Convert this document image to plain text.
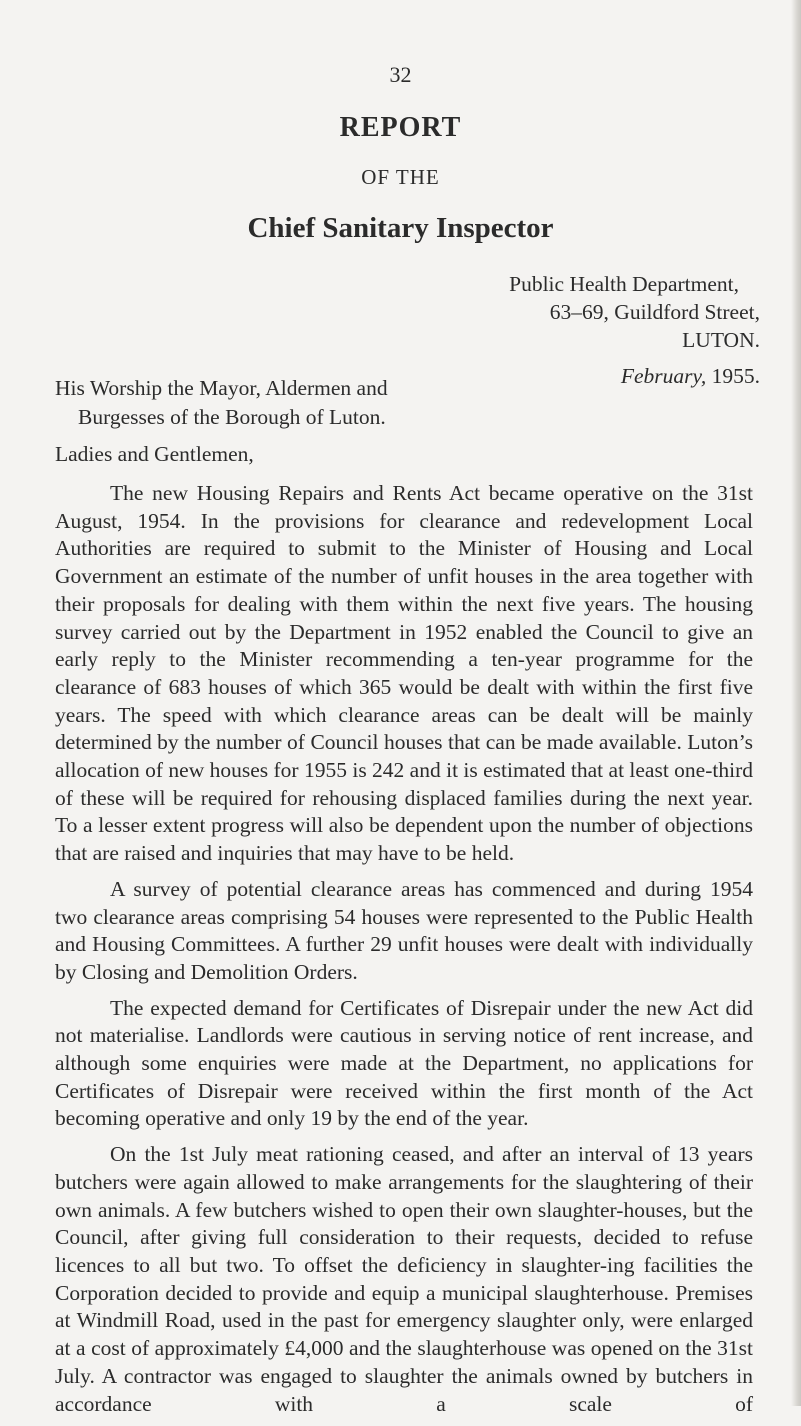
32
REPORT
OF THE
Chief Sanitary Inspector
Public Health Department,
63–69, Guildford Street,
LUTON.
February, 1955.
His Worship the Mayor, Aldermen and
Burgesses of the Borough of Luton.
Ladies and Gentlemen,

The new Housing Repairs and Rents Act became operative on the 31st August, 1954. In the provisions for clearance and redevelopment Local Authorities are required to submit to the Minister of Housing and Local Government an estimate of the number of unfit houses in the area together with their proposals for dealing with them within the next five years. The housing survey carried out by the Department in 1952 enabled the Council to give an early reply to the Minister recommending a ten-year programme for the clearance of 683 houses of which 365 would be dealt with within the first five years. The speed with which clearance areas can be dealt will be mainly determined by the number of Council houses that can be made available. Luton’s allocation of new houses for 1955 is 242 and it is estimated that at least one-third of these will be required for rehousing displaced families during the next year. To a lesser extent progress will also be dependent upon the number of objections that are raised and inquiries that may have to be held.

A survey of potential clearance areas has commenced and during 1954 two clearance areas comprising 54 houses were represented to the Public Health and Housing Committees. A further 29 unfit houses were dealt with individually by Closing and Demolition Orders.

The expected demand for Certificates of Disrepair under the new Act did not materialise. Landlords were cautious in serving notice of rent increase, and although some enquiries were made at the Department, no applications for Certificates of Disrepair were received within the first month of the Act becoming operative and only 19 by the end of the year.

On the 1st July meat rationing ceased, and after an interval of 13 years butchers were again allowed to make arrangements for the slaughtering of their own animals. A few butchers wished to open their own slaughter-houses, but the Council, after giving full consideration to their requests, decided to refuse licences to all but two. To offset the deficiency in slaughter-ing facilities the Corporation decided to provide and equip a municipal slaughterhouse. Premises at Windmill Road, used in the past for emergency slaughter only, were enlarged at a cost of approximately £4,000 and the slaughterhouse was opened on the 31st July. A contractor was engaged to slaughter the animals owned by butchers in accordance with a scale of
